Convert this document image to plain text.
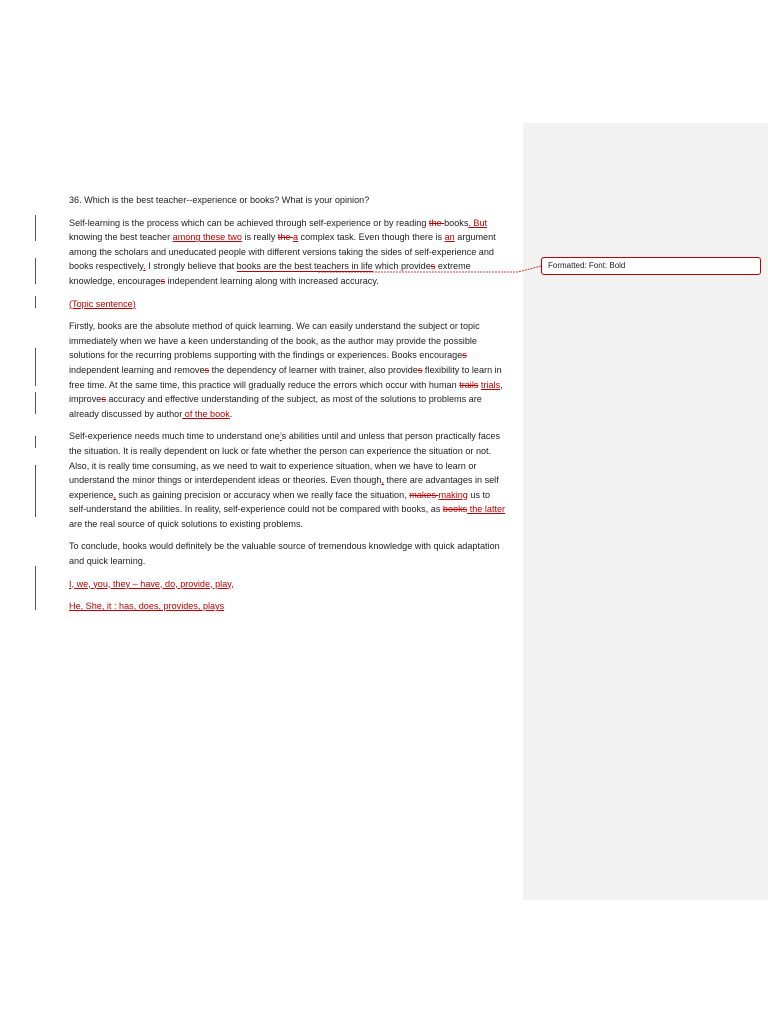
Formatted: Font: Bold

36. Which is the best teacher--experience or books? What is your opinion?

Self-learning is the process which can be achieved through self-experience or by reading the books. But knowing the best teacher among these two is really the a complex task. Even though there is an argument among the scholars and uneducated people with different versions taking the sides of self-experience and books respectively. I strongly believe that books are the best teachers in life which provides extreme knowledge, encourages independent learning along with increased accuracy.

(Topic sentence)

Firstly, books are the absolute method of quick learning. We can easily understand the subject or topic immediately when we have a keen understanding of the book, as the author may provide the possible solutions for the recurring problems supporting with the findings or experiences. Books encourages independent learning and removes the dependency of learner with trainer, also provides flexibility to learn in free time. At the same time, this practice will gradually reduce the errors which occur with human trails trials, improves accuracy and effective understanding of the subject, as most of the solutions to problems are already discussed by author of the book.

Self-experience needs much time to understand one’s abilities until and unless that person practically faces the situation. It is really dependent on luck or fate whether the person can experience the situation or not. Also, it is really time consuming, as we need to wait to experience situation, when we have to learn or understand the minor things or interdependent ideas or theories. Even though, there are advantages in self experience, such as gaining precision or accuracy when we really face the situation, makes making us to self-understand the abilities. In reality, self-experience could not be compared with books, as books the latter are the real source of quick solutions to existing problems.

To conclude, books would definitely be the valuable source of tremendous knowledge with quick adaptation and quick learning.

I, we, you, they – have, do, provide, play,

He, She, it : has, does, provides, plays
